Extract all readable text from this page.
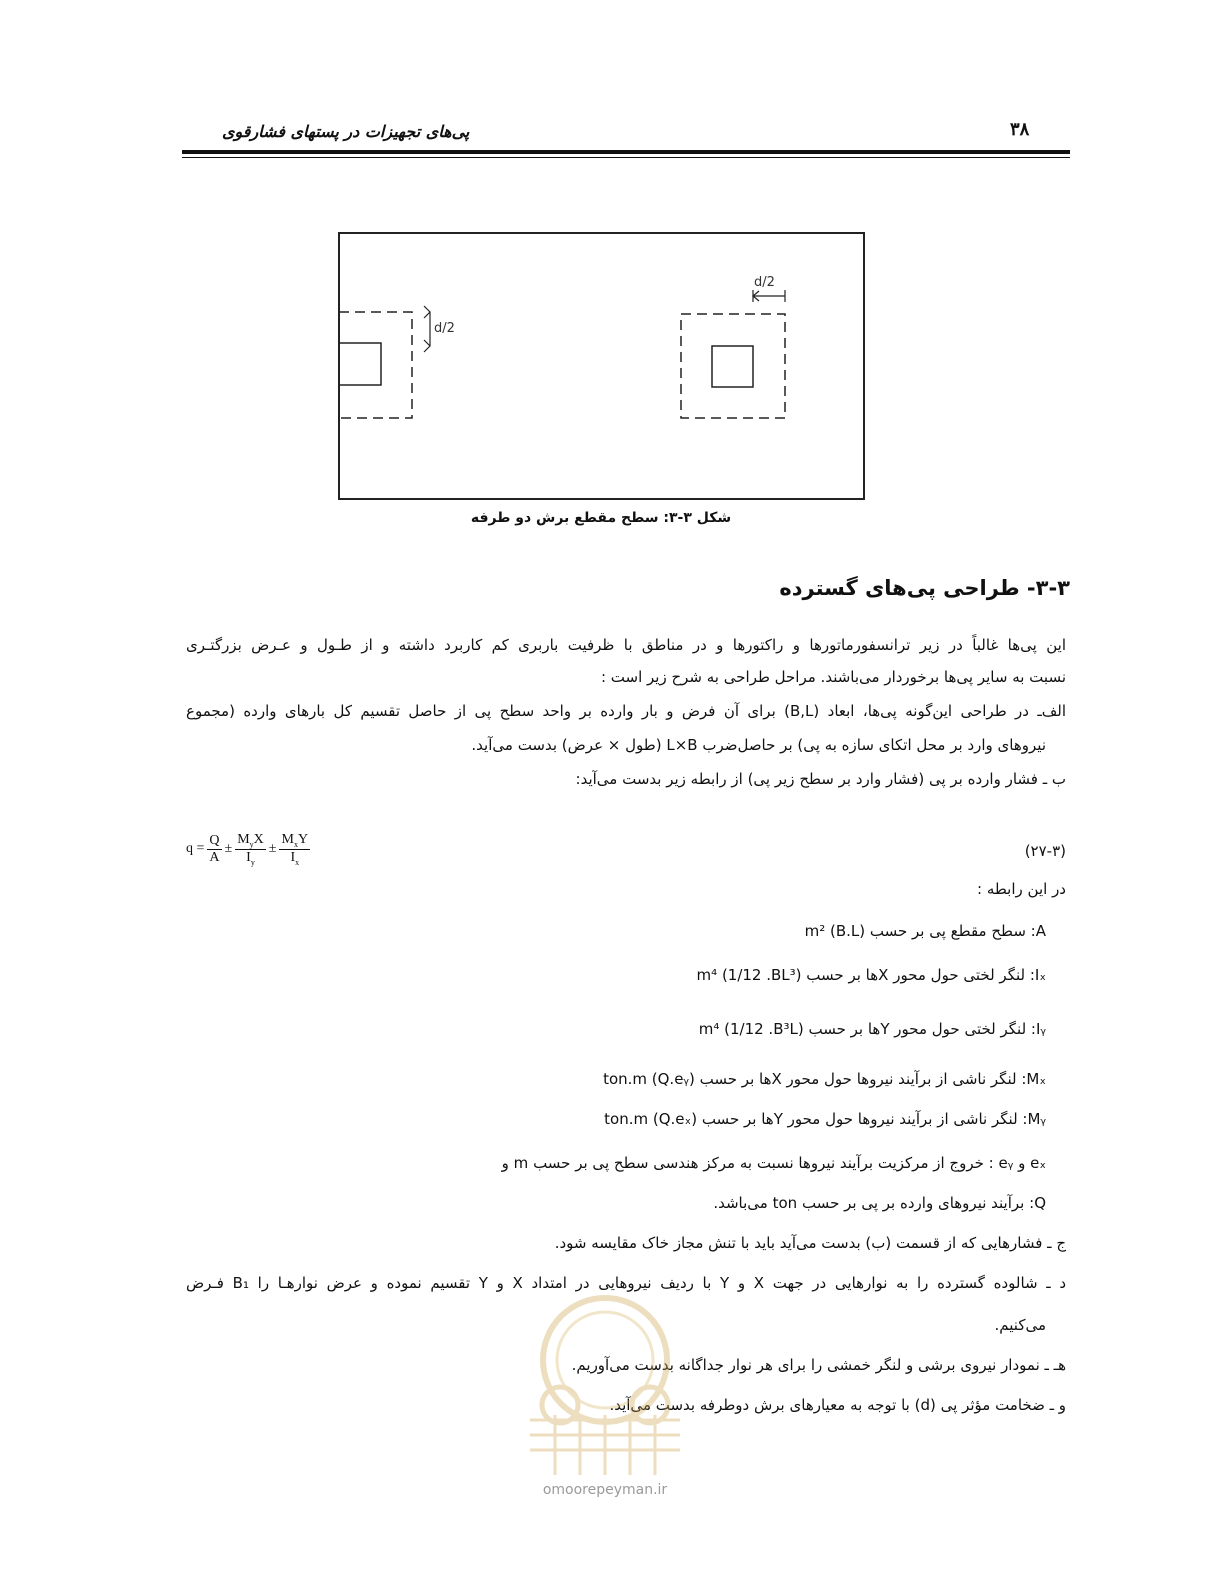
۳۸
پی‌های تجهیزات در پستهای فشارقوی
d/2
d/2
شکل ۳-۳: سطح مقطع برش دو طرفه
۳-۳- طراحی پی‌های گسترده
این پی‌ها غالباً در زیر ترانسفورماتورها و راکتورها و در مناطق با ظرفیت باربری کم کاربرد داشته و از طـول و عـرض بزرگتـری
نسبت به سایر پی‌ها برخوردار می‌باشند. مراحل طراحی به شرح زیر است :
الف‌ـ در طراحی این‌گونه پی‌ها، ابعاد (B,L) برای آن فرض و بار وارده بر واحد سطح پی از حاصل تقسیم کل بارهای وارده (مجموع
نیروهای وارد بر محل اتکای سازه به پی) بر حاصل‌ضرب L×B (طول × عرض) بدست می‌آید.
ب ـ فشار وارده بر پی (فشار وارد بر سطح زیر پی) از رابطه زیر بدست می‌آید:
در این رابطه :
A: سطح مقطع پی بر حسب m² (B.L)
Iₓ: لنگر لختی حول محور Xها بر حسب m⁴ (1/12 .BL³)
Iᵧ: لنگر لختی حول محور Yها بر حسب m⁴ (1/12 .B³L)
Mₓ: لنگر ناشی از برآیند نیروها حول محور Xها بر حسب ton.m (Q.eᵧ)
Mᵧ: لنگر ناشی از برآیند نیروها حول محور Yها بر حسب ton.m (Q.eₓ)
eₓ و eᵧ : خروج از مرکزیت برآیند نیروها نسبت به مرکز هندسی سطح پی بر حسب m و
Q: برآیند نیروهای وارده بر پی بر حسب ton می‌باشد.
ج ـ فشارهایی که از قسمت (ب) بدست می‌آید باید با تنش مجاز خاک مقایسه شود.
د ـ شالوده گسترده را به نوارهایی در جهت X و Y با ردیف نیروهایی در امتداد X و Y تقسیم نموده و عرض نوارهـا را B₁ فـرض
می‌کنیم.
هـ ـ نمودار نیروی برشی و لنگر خمشی را برای هر نوار جداگانه بدست می‌آوریم.
و ـ ضخامت مؤثر پی (d) با توجه به معیارهای برش دوطرفه بدست می‌آید.
$q = \frac{Q}{A} \pm \frac{M_yX}{I_y} \pm \frac{M_xY}{I_x}$	(۲۷-۳)
omoorepeyman.ir
